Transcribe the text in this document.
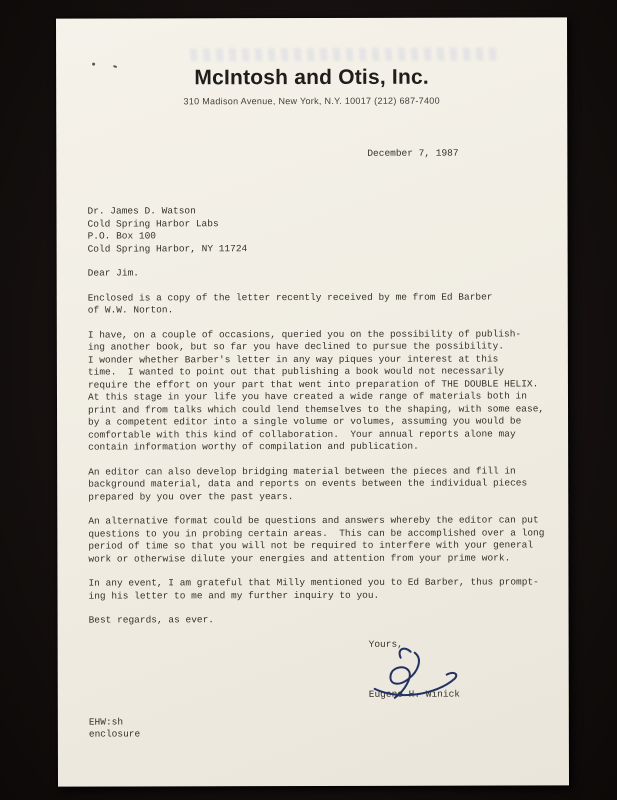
McIntosh and Otis, Inc.
310 Madison Avenue, New York, N.Y. 10017 (212) 687-7400
December 7, 1987
Dr. James D. Watson
Cold Spring Harbor Labs
P.O. Box 100
Cold Spring Harbor, NY 11724
Dear Jim.

Enclosed is a copy of the letter recently received by me from Ed Barber
of W.W. Norton.

I have, on a couple of occasions, queried you on the possibility of publish-
ing another book, but so far you have declined to pursue the possibility.
I wonder whether Barber's letter in any way piques your interest at this
time.  I wanted to point out that publishing a book would not necessarily
require the effort on your part that went into preparation of THE DOUBLE HELIX.
At this stage in your life you have created a wide range of materials both in
print and from talks which could lend themselves to the shaping, with some ease,
by a competent editor into a single volume or volumes, assuming you would be
comfortable with this kind of collaboration.  Your annual reports alone may
contain information worthy of compilation and publication.

An editor can also develop bridging material between the pieces and fill in
background material, data and reports on events between the individual pieces
prepared by you over the past years.

An alternative format could be questions and answers whereby the editor can put
questions to you in probing certain areas.  This can be accomplished over a long
period of time so that you will not be required to interfere with your general
work or otherwise dilute your energies and attention from your prime work.

In any event, I am grateful that Milly mentioned you to Ed Barber, thus prompt-
ing his letter to me and my further inquiry to you.

Best regards, as ever.
Yours,
Eugene H. Winick
EHW:sh
enclosure
